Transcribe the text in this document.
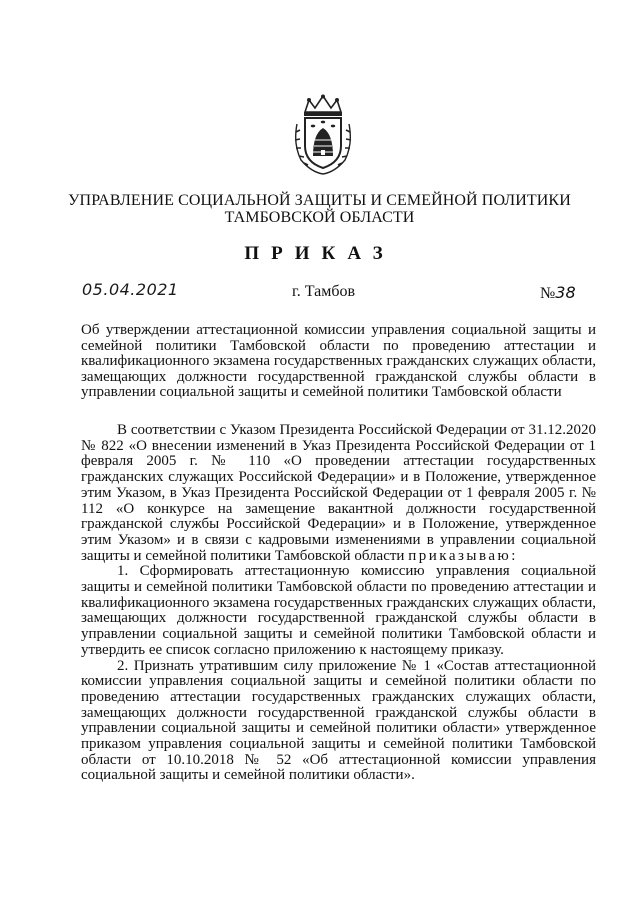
УПРАВЛЕНИЕ СОЦИАЛЬНОЙ ЗАЩИТЫ И СЕМЕЙНОЙ ПОЛИТИКИ
ТАМБОВСКОЙ ОБЛАСТИ
ПРИКАЗ
05.04.2021	г. Тамбов	№38
Об утверждении аттестационной комиссии управления социальной защиты и семейной политики Тамбовской области по проведению аттестации и квалификационного экзамена государственных гражданских служащих области, замещающих должности государственной гражданской службы области в управлении социальной защиты и семейной политики Тамбовской области

В соответствии с Указом Президента Российской Федерации от 31.12.2020 № 822 «О внесении изменений в Указ Президента Российской Федерации от 1 февраля 2005 г. № 110 «О проведении аттестации государственных гражданских служащих Российской Федерации» и в Положение, утвержденное этим Указом, в Указ Президента Российской Федерации от 1 февраля 2005 г. № 112 «О конкурсе на замещение вакантной должности государственной гражданской службы Российской Федерации» и в Положение, утвержденное этим Указом» и в связи с кадровыми изменениями в управлении социальной защиты и семейной политики Тамбовской области приказываю:

1. Сформировать аттестационную комиссию управления социальной защиты и семейной политики Тамбовской области по проведению аттестации и квалификационного экзамена государственных гражданских служащих области, замещающих должности государственной гражданской службы области в управлении социальной защиты и семейной политики Тамбовской области и утвердить ее список согласно приложению к настоящему приказу.

2. Признать утратившим силу приложение № 1 «Состав аттестационной комиссии управления социальной защиты и семейной политики области по проведению аттестации государственных гражданских служащих области, замещающих должности государственной гражданской службы области в управлении социальной защиты и семейной политики области» утвержденное приказом управления социальной защиты и семейной политики Тамбовской области от 10.10.2018 № 52 «Об аттестационной комиссии управления социальной защиты и семейной политики области».
